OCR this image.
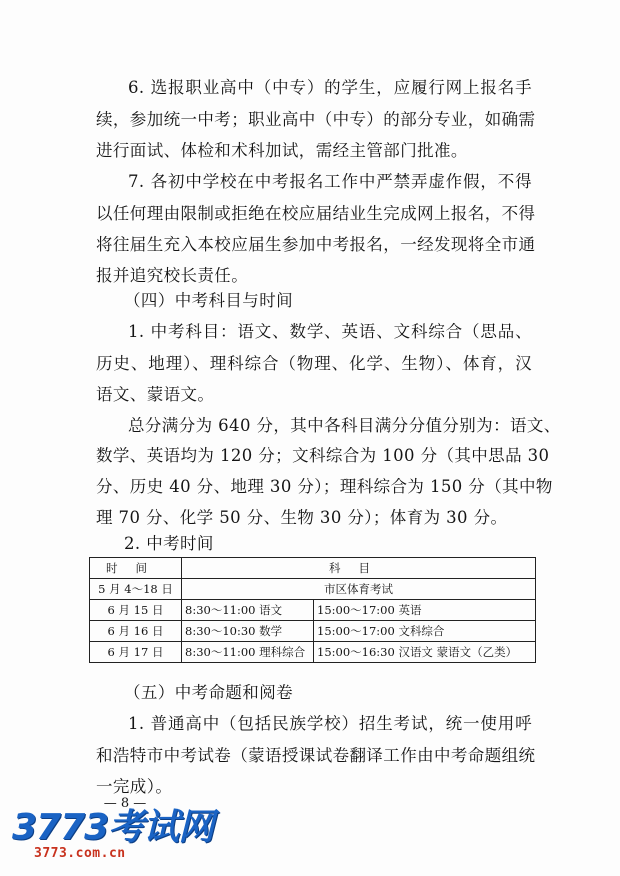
6. 选报职业高中（中专）的学生，应履行网上报名手
续，参加统一中考；职业高中（中专）的部分专业，如确需
进行面试、体检和术科加试，需经主管部门批准。
7. 各初中学校在中考报名工作中严禁弄虚作假，不得
以任何理由限制或拒绝在校应届结业生完成网上报名，不得
将往届生充入本校应届生参加中考报名，一经发现将全市通
报并追究校长责任。
（四）中考科目与时间
1. 中考科目：语文、数学、英语、文科综合（思品、
历史、地理）、理科综合（物理、化学、生物）、体育，汉
语文、蒙语文。
总分满分为 640 分，其中各科目满分分值分别为：语文、
数学、英语均为 120 分；文科综合为 100 分（其中思品 30
分、历史 40 分、地理 30 分）；理科综合为 150 分（其中物
理 70 分、化学 50 分、生物 30 分）；体育为 30 分。
2. 中考时间
时间	科目	
5 月 4～18 日	市区体育考试	
6 月 15 日	8:30～11:00 语文	15:00～17:00 英语
6 月 16 日	8:30～10:30 数学	15:00～17:00 文科综合
6 月 17 日	8:30～11:00 理科综合	15:00～16:30 汉语文 蒙语文（乙类）
（五）中考命题和阅卷
1. 普通高中（包括民族学校）招生考试，统一使用呼
和浩特市中考试卷（蒙语授课试卷翻译工作由中考命题组统
一完成）。
— 8 —
3773考试网
3773.com.cn
